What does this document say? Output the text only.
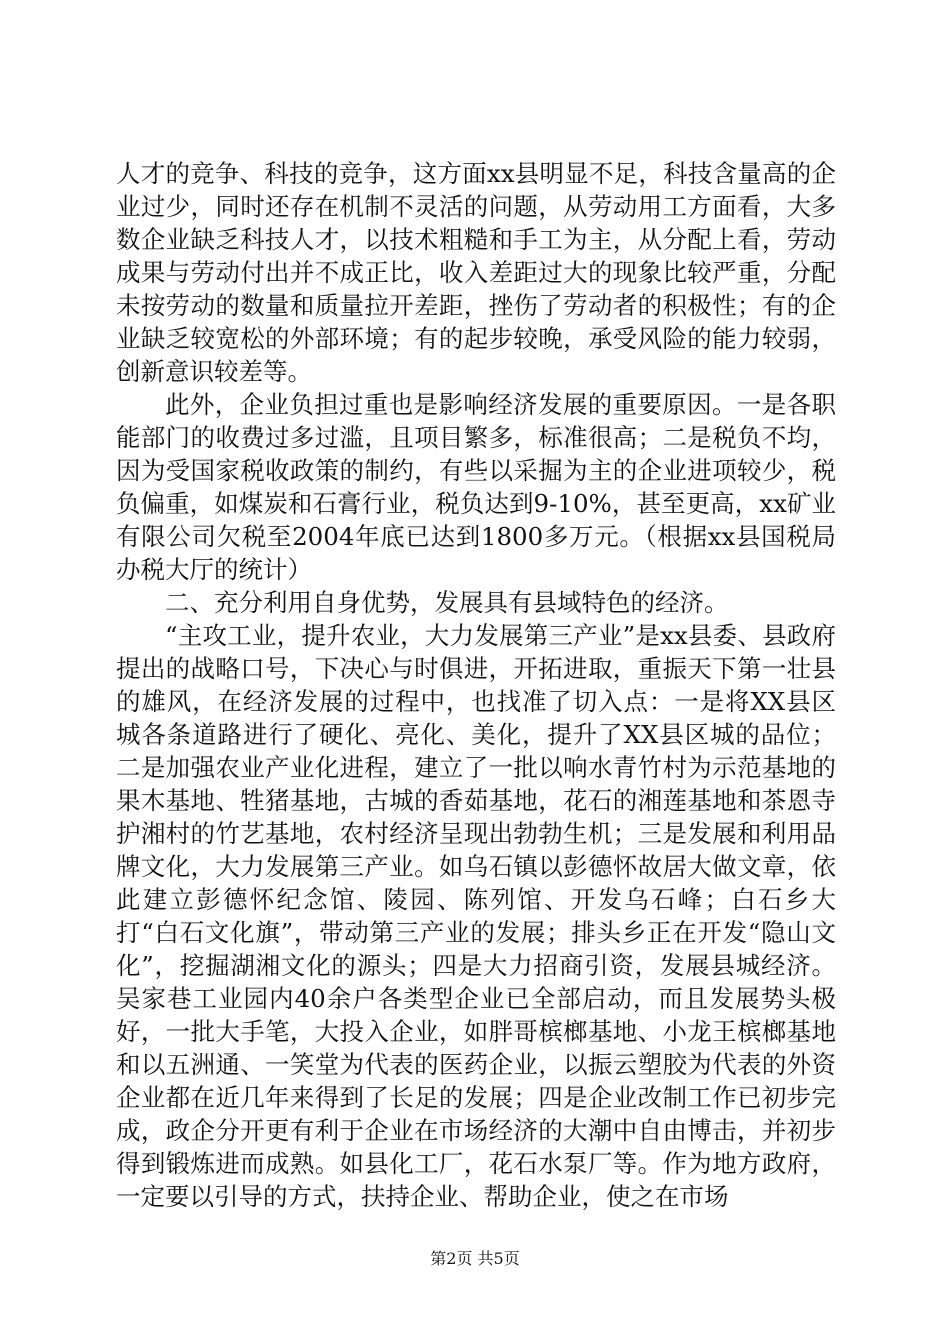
人才的竞争、科技的竞争，这方面xx县明显不足，科技含量高的企业过少，同时还存在机制不灵活的问题，从劳动用工方面看，大多数企业缺乏科技人才，以技术粗糙和手工为主，从分配上看，劳动成果与劳动付出并不成正比，收入差距过大的现象比较严重，分配未按劳动的数量和质量拉开差距，挫伤了劳动者的积极性；有的企业缺乏较宽松的外部环境；有的起步较晚，承受风险的能力较弱，创新意识较差等。

此外，企业负担过重也是影响经济发展的重要原因。一是各职能部门的收费过多过滥，且项目繁多，标准很高；二是税负不均，因为受国家税收政策的制约，有些以采掘为主的企业进项较少，税负偏重，如煤炭和石膏行业，税负达到9-10%，甚至更高，xx矿业有限公司欠税至2004年底已达到1800多万元。（根据xx县国税局办税大厅的统计）

二、充分利用自身优势，发展具有县域特色的经济。

“主攻工业，提升农业，大力发展第三产业”是xx县委、县政府提出的战略口号，下决心与时俱进，开拓进取，重振天下第一壮县的雄风，在经济发展的过程中，也找准了切入点：一是将XX县区城各条道路进行了硬化、亮化、美化，提升了XX县区城的品位；二是加强农业产业化进程，建立了一批以响水青竹村为示范基地的果木基地、牲猪基地，古城的香茹基地，花石的湘莲基地和茶恩寺护湘村的竹艺基地，农村经济呈现出勃勃生机；三是发展和利用品牌文化，大力发展第三产业。如乌石镇以彭德怀故居大做文章，依此建立彭德怀纪念馆、陵园、陈列馆、开发乌石峰；白石乡大打“白石文化旗”，带动第三产业的发展；排头乡正在开发“隐山文化”，挖掘湖湘文化的源头；四是大力招商引资，发展县城经济。吴家巷工业园内40余户各类型企业已全部启动，而且发展势头极好，一批大手笔，大投入企业，如胖哥槟榔基地、小龙王槟榔基地和以五洲通、一笑堂为代表的医药企业，以振云塑胶为代表的外资企业都在近几年来得到了长足的发展；四是企业改制工作已初步完成，政企分开更有利于企业在市场经济的大潮中自由博击，并初步得到锻炼进而成熟。如县化工厂，花石水泵厂等。作为地方政府，一定要以引导的方式，扶持企业、帮助企业，使之在市场

第2页 共5页
